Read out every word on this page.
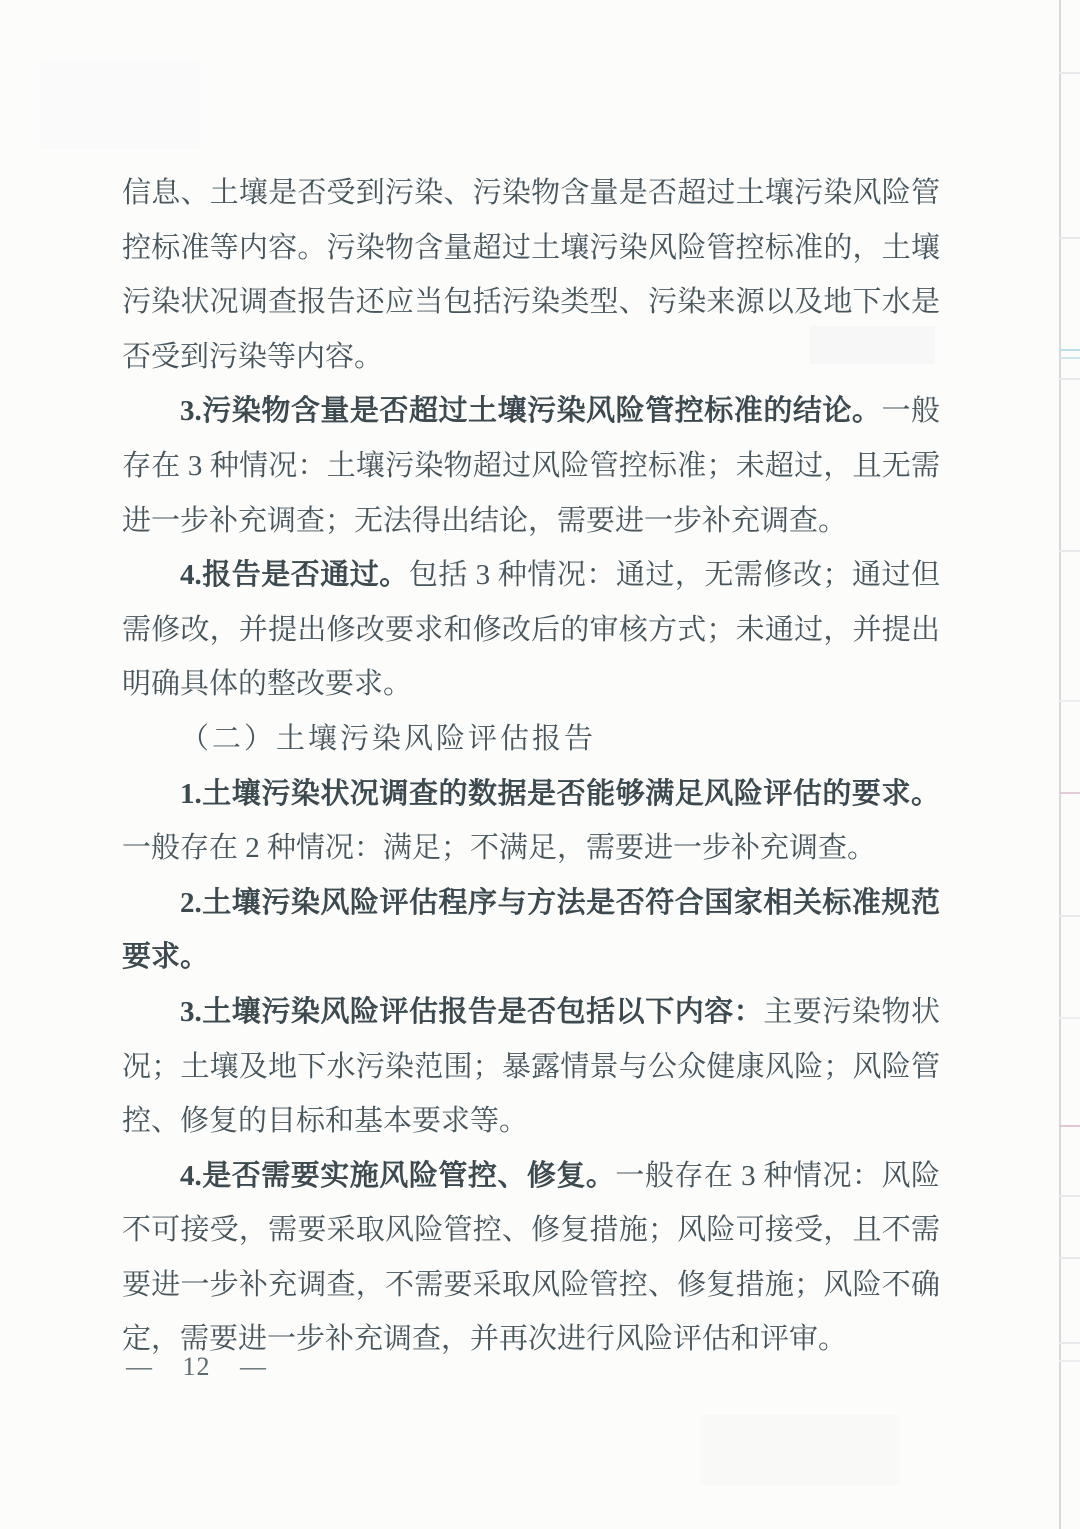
信息、土壤是否受到污染、污染物含量是否超过土壤污染风险管控标准等内容。污染物含量超过土壤污染风险管控标准的，土壤污染状况调查报告还应当包括污染类型、污染来源以及地下水是否受到污染等内容。

3.污染物含量是否超过土壤污染风险管控标准的结论。一般存在 3 种情况：土壤污染物超过风险管控标准；未超过，且无需进一步补充调查；无法得出结论，需要进一步补充调查。

4.报告是否通过。包括 3 种情况：通过，无需修改；通过但需修改，并提出修改要求和修改后的审核方式；未通过，并提出明确具体的整改要求。

（二）土壤污染风险评估报告

1.土壤污染状况调查的数据是否能够满足风险评估的要求。一般存在 2 种情况：满足；不满足，需要进一步补充调查。

2.土壤污染风险评估程序与方法是否符合国家相关标准规范要求。

3.土壤污染风险评估报告是否包括以下内容：主要污染物状况；土壤及地下水污染范围；暴露情景与公众健康风险；风险管控、修复的目标和基本要求等。

4.是否需要实施风险管控、修复。一般存在 3 种情况：风险不可接受，需要采取风险管控、修复措施；风险可接受，且不需要进一步补充调查，不需要采取风险管控、修复措施；风险不确定，需要进一步补充调查，并再次进行风险评估和评审。

— 12 —
